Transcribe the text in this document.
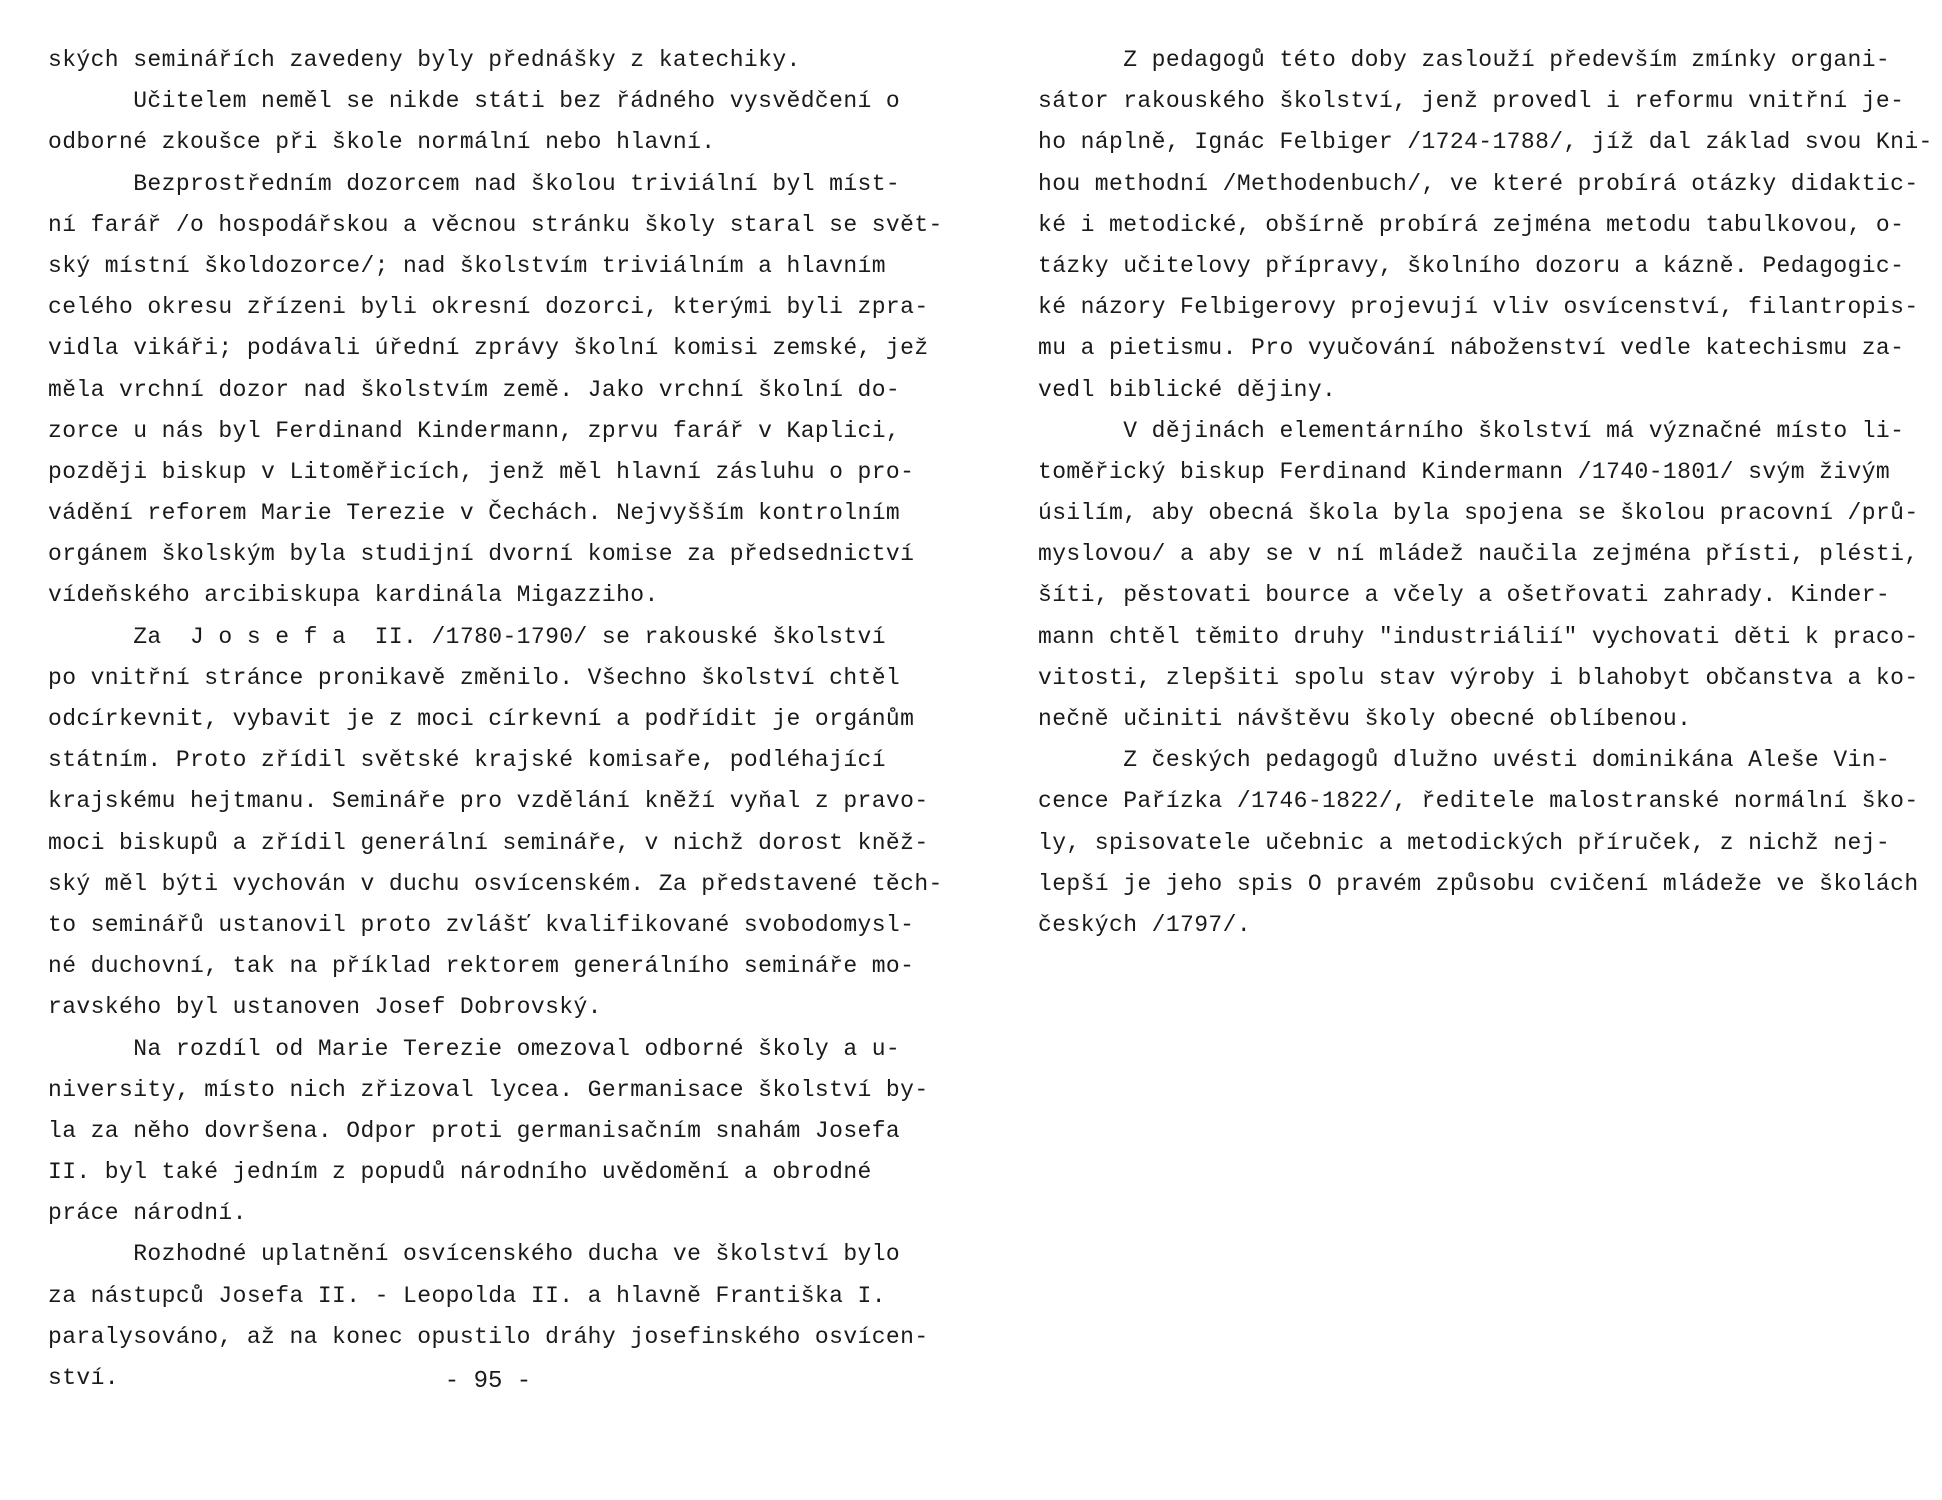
ských seminářích zavedeny byly přednášky z katechiky.
Učitelem neměl se nikde státi bez řádného vysvědčení o
odborné zkoušce při škole normální nebo hlavní.
Bezprostředním dozorcem nad školou triviální byl míst-
ní farář /o hospodářskou a věcnou stránku školy staral se svět-
ský místní školdozorce/; nad školstvím triviálním a hlavním
celého okresu zřízeni byli okresní dozorci, kterými byli zpra-
vidla vikáři; podávali úřední zprávy školní komisi zemské, jež
měla vrchní dozor nad školstvím země. Jako vrchní školní do-
zorce u nás byl Ferdinand Kindermann, zprvu farář v Kaplici,
později biskup v Litoměřicích, jenž měl hlavní zásluhu o pro-
vádění reforem Marie Terezie v Čechách. Nejvyšším kontrolním
orgánem školským byla studijní dvorní komise za předsednictví
vídeňského arcibiskupa kardinála Migazziho.
Za  J o s e f a  II. /1780-1790/ se rakouské školství
po vnitřní stránce pronikavě změnilo. Všechno školství chtěl
odcírkevnit, vybavit je z moci církevní a podřídit je orgánům
státním. Proto zřídil světské krajské komisaře, podléhající
krajskému hejtmanu. Semináře pro vzdělání kněží vyňal z pravo-
moci biskupů a zřídil generální semináře, v nichž dorost kněž-
ský měl býti vychován v duchu osvícenském. Za představené těch-
to seminářů ustanovil proto zvlášť kvalifikované svobodomysl-
né duchovní, tak na příklad rektorem generálního semináře mo-
ravského byl ustanoven Josef Dobrovský.
Na rozdíl od Marie Terezie omezoval odborné školy a u-
niversity, místo nich zřizoval lycea. Germanisace školství by-
la za něho dovršena. Odpor proti germanisačním snahám Josefa
II. byl také jedním z popudů národního uvědomění a obrodné
práce národní.
Rozhodné uplatnění osvícenského ducha ve školství bylo
za nástupců Josefa II. - Leopolda II. a hlavně Františka I.
paralysováno, až na konec opustilo dráhy josefinského osvícen-
ství.	- 95 -
Z pedagogů této doby zaslouží především zmínky organi-
sátor rakouského školství, jenž provedl i reformu vnitřní je-
ho náplně, Ignác Felbiger /1724-1788/, jíž dal základ svou Kni-
hou methodní /Methodenbuch/, ve které probírá otázky didaktic-
ké i metodické, obšírně probírá zejména metodu tabulkovou, o-
tázky učitelovy přípravy, školního dozoru a kázně. Pedagogic-
ké názory Felbigerovy projevují vliv osvícenství, filantropis-
mu a pietismu. Pro vyučování náboženství vedle katechismu za-
vedl biblické dějiny.
V dějinách elementárního školství má význačné místo li-
toměřický biskup Ferdinand Kindermann /1740-1801/ svým živým
úsilím, aby obecná škola byla spojena se školou pracovní /prů-
myslovou/ a aby se v ní mládež naučila zejména přísti, plésti,
šíti, pěstovati bource a včely a ošetřovati zahrady. Kinder-
mann chtěl těmito druhy "industriálií" vychovati děti k praco-
vitosti, zlepšiti spolu stav výroby i blahobyt občanstva a ko-
nečně učiniti návštěvu školy obecné oblíbenou.
Z českých pedagogů dlužno uvésti dominikána Aleše Vin-
cence Pařízka /1746-1822/, ředitele malostranské normální ško-
ly, spisovatele učebnic a metodických příruček, z nichž nej-
lepší je jeho spis O pravém způsobu cvičení mládeže ve školách
českých /1797/.
